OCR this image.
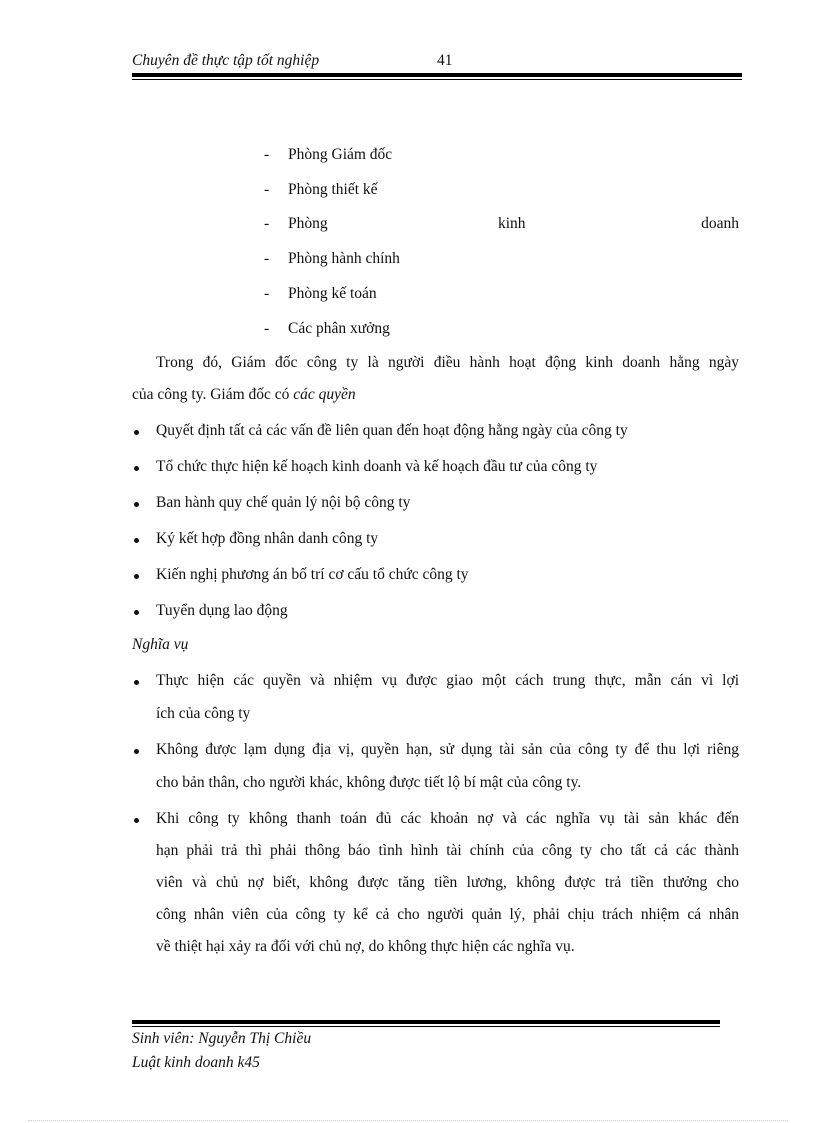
Chuyên đề thực tập tốt nghiệp	41
- Phòng Giám đốc
- Phòng thiết kế
- Phòng	kinh	doanh
- Phòng hành chính
- Phòng kế toán
- Các phân xưởng
Trong đó, Giám đốc công ty là người điều hành hoạt động kinh doanh hằng ngày
của công ty. Giám đốc có các quyền
Quyết định tất cả các vấn đề liên quan đến hoạt động hằng ngày của công ty
Tổ chức thực hiện kế hoạch kinh doanh và kế hoạch đầu tư của công ty
Ban hành quy chế quản lý nội bộ công ty
Ký kết hợp đồng nhân danh công ty
Kiến nghị phương án bố trí cơ cấu tổ chức công ty
Tuyển dụng lao động
Nghĩa vụ
Thực hiện các quyền và nhiệm vụ được giao một cách trung thực, mẫn cán vì lợi
ích của công ty
Không được lạm dụng địa vị, quyền hạn, sử dụng tài sản của công ty để thu lợi riêng
cho bản thân, cho người khác, không được tiết lộ bí mật của công ty.
Khi công ty không thanh toán đủ các khoản nợ và các nghĩa vụ tài sản khác đến
hạn phải trả thì phải thông báo tình hình tài chính của công ty cho tất cả các thành
viên và chủ nợ biết, không được tăng tiền lương, không được trả tiền thưởng cho
công nhân viên của công ty kể cả cho người quản lý, phải chịu trách nhiệm cá nhân
về thiệt hại xảy ra đối với chủ nợ, do không thực hiện các nghĩa vụ.
Sinh viên: Nguyễn Thị Chiều
Luật kinh doanh k45
